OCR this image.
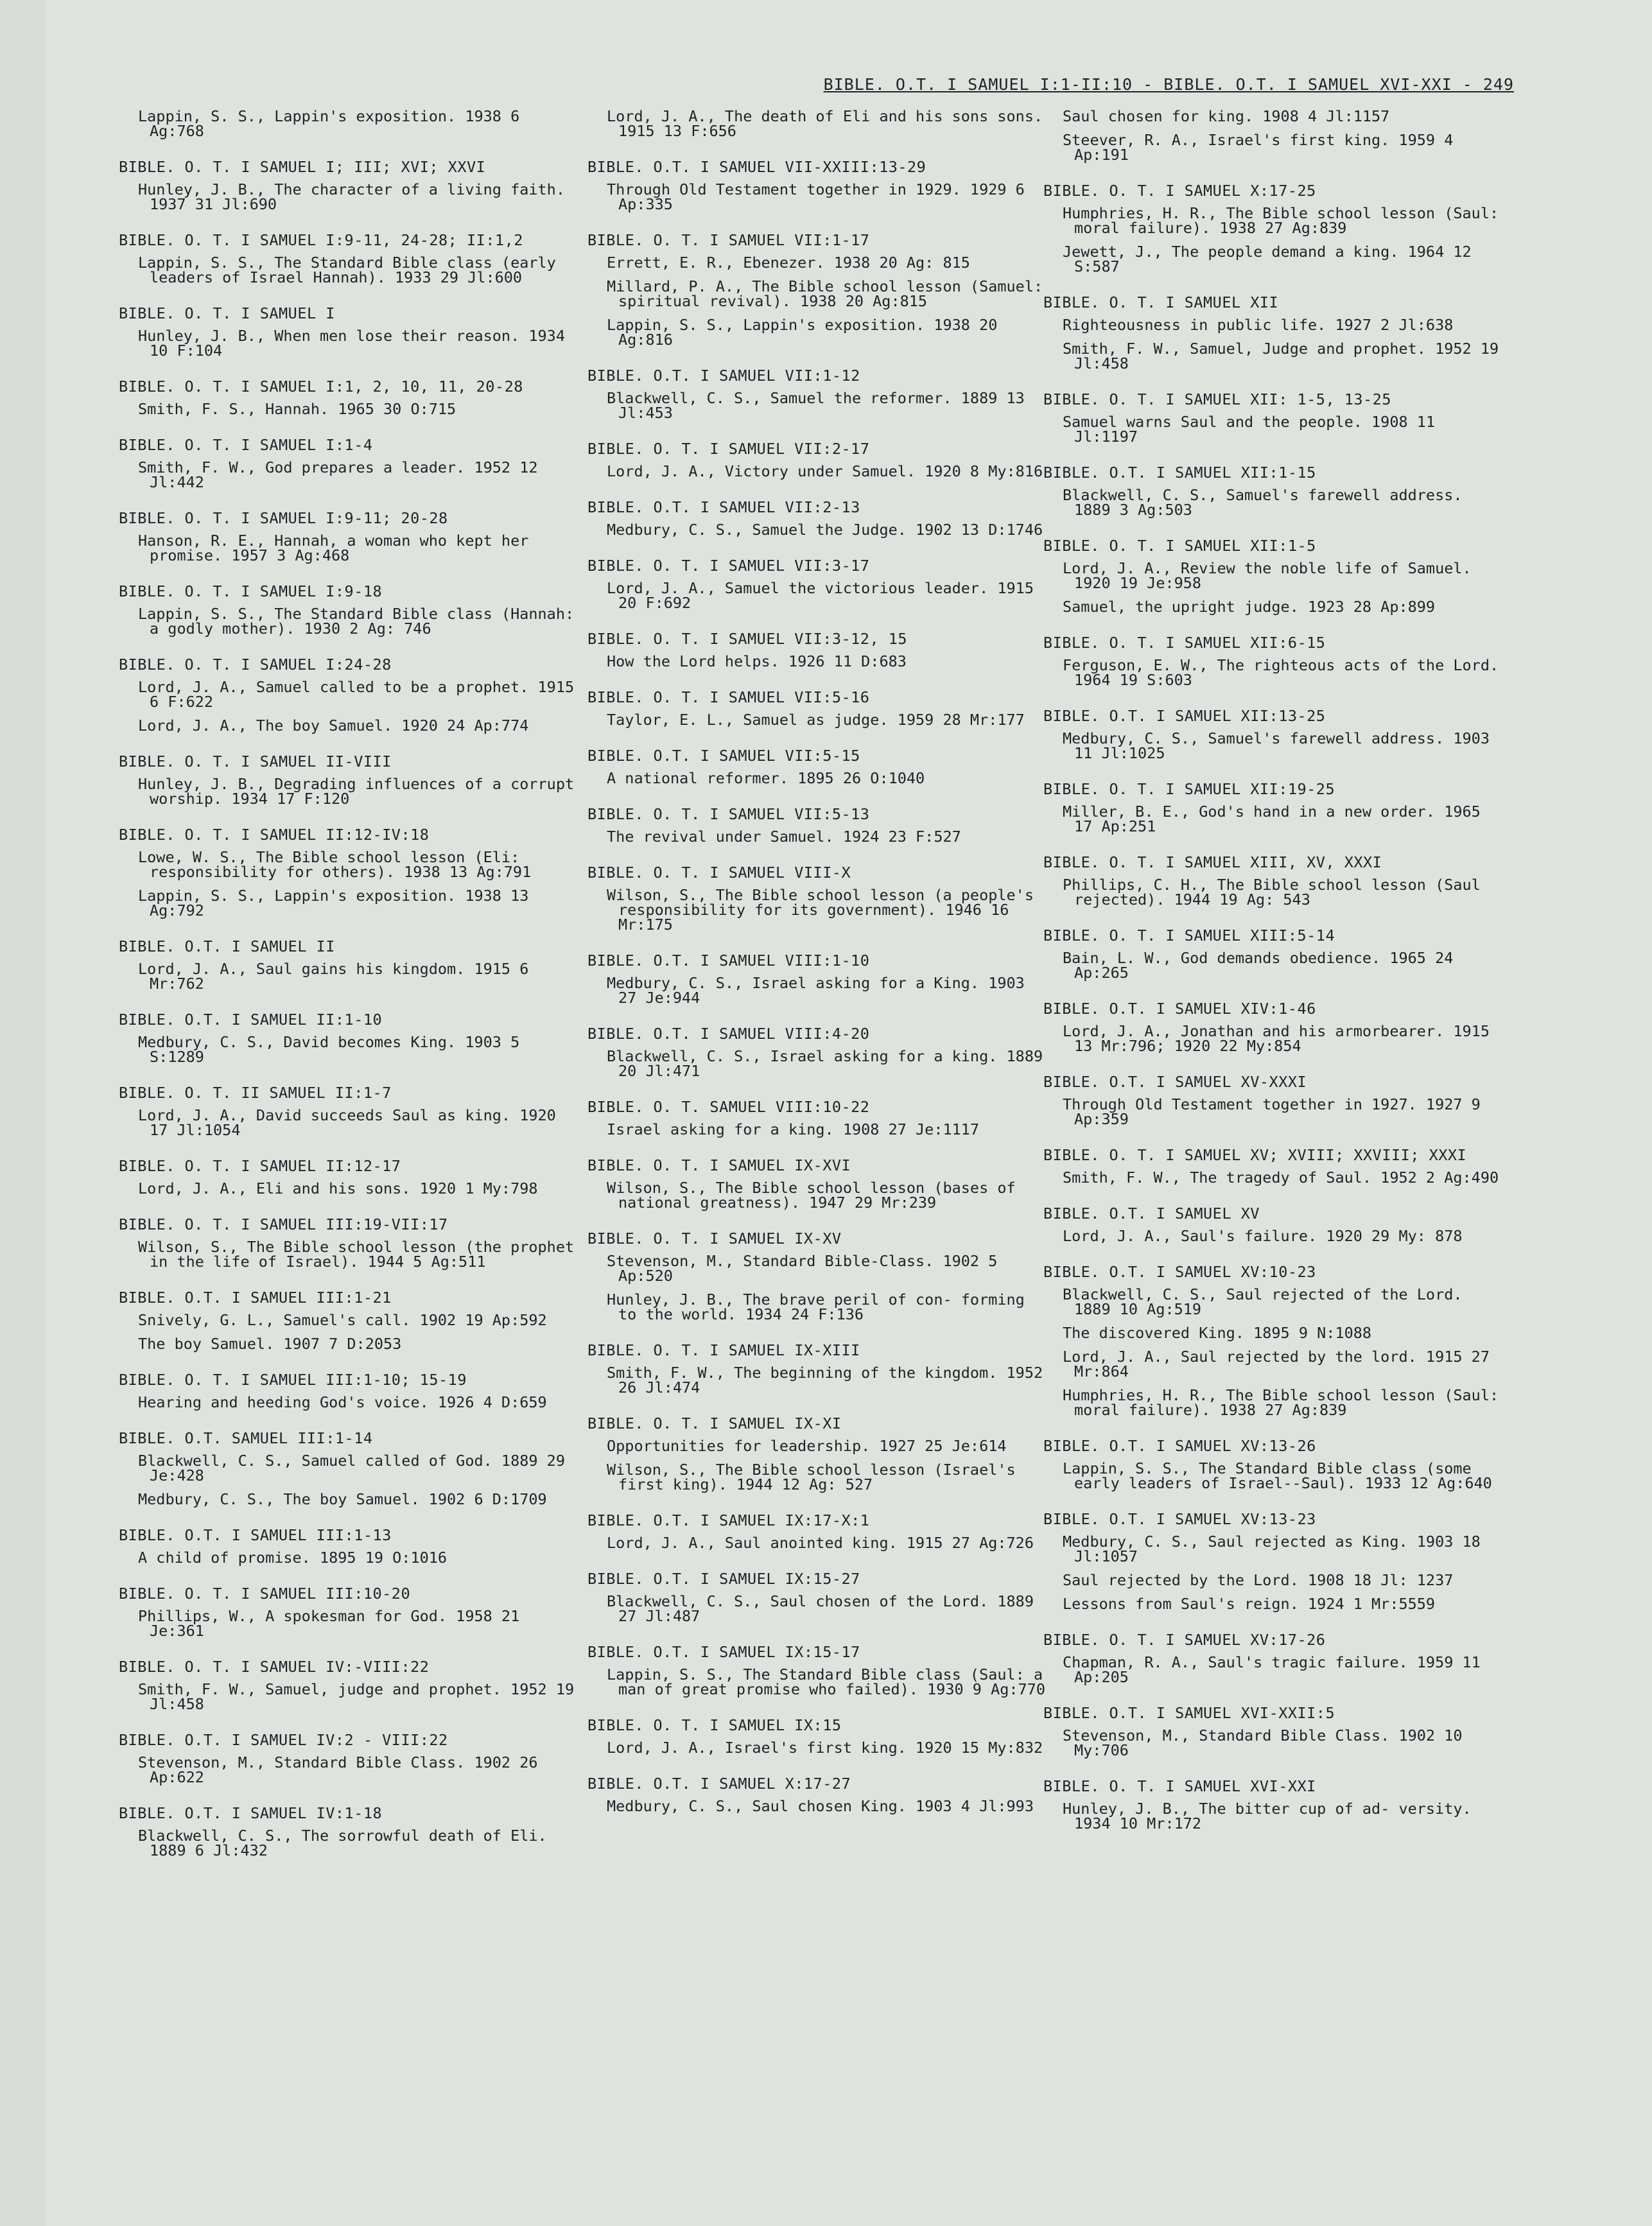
BIBLE. O.T. I SAMUEL I:1-II:10 - BIBLE. O.T. I SAMUEL XVI-XXI - 249
Lappin, S. S., Lappin's exposition. 1938 6 Ag:768
BIBLE. O. T. I SAMUEL I; III; XVI; XXVI
Hunley, J. B., The character of a living faith. 1937 31 Jl:690
BIBLE. O. T. I SAMUEL I:9-11, 24-28; II:1,2
Lappin, S. S., The Standard Bible class (early leaders of Israel Hannah). 1933 29 Jl:600
BIBLE. O. T. I SAMUEL I
Hunley, J. B., When men lose their reason. 1934 10 F:104
BIBLE. O. T. I SAMUEL I:1, 2, 10, 11, 20-28
Smith, F. S., Hannah. 1965 30 O:715
BIBLE. O. T. I SAMUEL I:1-4
Smith, F. W., God prepares a leader. 1952 12 Jl:442
BIBLE. O. T. I SAMUEL I:9-11; 20-28
Hanson, R. E., Hannah, a woman who kept her promise. 1957 3 Ag:468
BIBLE. O. T. I SAMUEL I:9-18
Lappin, S. S., The Standard Bible class (Hannah: a godly mother). 1930 2 Ag: 746
BIBLE. O. T. I SAMUEL I:24-28
Lord, J. A., Samuel called to be a prophet. 1915 6 F:622
Lord, J. A., The boy Samuel. 1920 24 Ap:774
BIBLE. O. T. I SAMUEL II-VIII
Hunley, J. B., Degrading influences of a corrupt worship. 1934 17 F:120
BIBLE. O. T. I SAMUEL II:12-IV:18
Lowe, W. S., The Bible school lesson (Eli: responsibility for others). 1938 13 Ag:791
Lappin, S. S., Lappin's exposition. 1938 13 Ag:792
BIBLE. O.T. I SAMUEL II
Lord, J. A., Saul gains his kingdom. 1915 6 Mr:762
BIBLE. O.T. I SAMUEL II:1-10
Medbury, C. S., David becomes King. 1903 5 S:1289
BIBLE. O. T. II SAMUEL II:1-7
Lord, J. A., David succeeds Saul as king. 1920 17 Jl:1054
BIBLE. O. T. I SAMUEL II:12-17
Lord, J. A., Eli and his sons. 1920 1 My:798
BIBLE. O. T. I SAMUEL III:19-VII:17
Wilson, S., The Bible school lesson (the prophet in the life of Israel). 1944 5 Ag:511
BIBLE. O.T. I SAMUEL III:1-21
Snively, G. L., Samuel's call. 1902 19 Ap:592
The boy Samuel. 1907 7 D:2053
BIBLE. O. T. I SAMUEL III:1-10; 15-19
Hearing and heeding God's voice. 1926 4 D:659
BIBLE. O.T. SAMUEL III:1-14
Blackwell, C. S., Samuel called of God. 1889 29 Je:428
Medbury, C. S., The boy Samuel. 1902 6 D:1709
BIBLE. O.T. I SAMUEL III:1-13
A child of promise. 1895 19 O:1016
BIBLE. O. T. I SAMUEL III:10-20
Phillips, W., A spokesman for God. 1958 21 Je:361
BIBLE. O. T. I SAMUEL IV:-VIII:22
Smith, F. W., Samuel, judge and prophet. 1952 19 Jl:458
BIBLE. O.T. I SAMUEL IV:2 - VIII:22
Stevenson, M., Standard Bible Class. 1902 26 Ap:622
BIBLE. O.T. I SAMUEL IV:1-18
Blackwell, C. S., The sorrowful death of Eli. 1889 6 Jl:432
Lord, J. A., The death of Eli and his sons sons. 1915 13 F:656
BIBLE. O.T. I SAMUEL VII-XXIII:13-29
Through Old Testament together in 1929. 1929 6 Ap:335
BIBLE. O. T. I SAMUEL VII:1-17
Errett, E. R., Ebenezer. 1938 20 Ag: 815
Millard, P. A., The Bible school lesson (Samuel: spiritual revival). 1938 20 Ag:815
Lappin, S. S., Lappin's exposition. 1938 20 Ag:816
BIBLE. O.T. I SAMUEL VII:1-12
Blackwell, C. S., Samuel the reformer. 1889 13 Jl:453
BIBLE. O. T. I SAMUEL VII:2-17
Lord, J. A., Victory under Samuel. 1920 8 My:816
BIBLE. O.T. I SAMUEL VII:2-13
Medbury, C. S., Samuel the Judge. 1902 13 D:1746
BIBLE. O. T. I SAMUEL VII:3-17
Lord, J. A., Samuel the victorious leader. 1915 20 F:692
BIBLE. O. T. I SAMUEL VII:3-12, 15
How the Lord helps. 1926 11 D:683
BIBLE. O. T. I SAMUEL VII:5-16
Taylor, E. L., Samuel as judge. 1959 28 Mr:177
BIBLE. O.T. I SAMUEL VII:5-15
A national reformer. 1895 26 O:1040
BIBLE. O. T. I SAMUEL VII:5-13
The revival under Samuel. 1924 23 F:527
BIBLE. O. T. I SAMUEL VIII-X
Wilson, S., The Bible school lesson (a people's responsibility for its government). 1946 16 Mr:175
BIBLE. O.T. I SAMUEL VIII:1-10
Medbury, C. S., Israel asking for a King. 1903 27 Je:944
BIBLE. O.T. I SAMUEL VIII:4-20
Blackwell, C. S., Israel asking for a king. 1889 20 Jl:471
BIBLE. O. T. SAMUEL VIII:10-22
Israel asking for a king. 1908 27 Je:1117
BIBLE. O. T. I SAMUEL IX-XVI
Wilson, S., The Bible school lesson (bases of national greatness). 1947 29 Mr:239
BIBLE. O. T. I SAMUEL IX-XV
Stevenson, M., Standard Bible-Class. 1902 5 Ap:520
Hunley, J. B., The brave peril of con- forming to the world. 1934 24 F:136
BIBLE. O. T. I SAMUEL IX-XIII
Smith, F. W., The beginning of the kingdom. 1952 26 Jl:474
BIBLE. O. T. I SAMUEL IX-XI
Opportunities for leadership. 1927 25 Je:614
Wilson, S., The Bible school lesson (Israel's first king). 1944 12 Ag: 527
BIBLE. O.T. I SAMUEL IX:17-X:1
Lord, J. A., Saul anointed king. 1915 27 Ag:726
BIBLE. O.T. I SAMUEL IX:15-27
Blackwell, C. S., Saul chosen of the Lord. 1889 27 Jl:487
BIBLE. O.T. I SAMUEL IX:15-17
Lappin, S. S., The Standard Bible class (Saul: a man of great promise who failed). 1930 9 Ag:770
BIBLE. O. T. I SAMUEL IX:15
Lord, J. A., Israel's first king. 1920 15 My:832
BIBLE. O.T. I SAMUEL X:17-27
Medbury, C. S., Saul chosen King. 1903 4 Jl:993
Saul chosen for king. 1908 4 Jl:1157
Steever, R. A., Israel's first king. 1959 4 Ap:191
BIBLE. O. T. I SAMUEL X:17-25
Humphries, H. R., The Bible school lesson (Saul: moral failure). 1938 27 Ag:839
Jewett, J., The people demand a king. 1964 12 S:587
BIBLE. O. T. I SAMUEL XII
Righteousness in public life. 1927 2 Jl:638
Smith, F. W., Samuel, Judge and prophet. 1952 19 Jl:458
BIBLE. O. T. I SAMUEL XII: 1-5, 13-25
Samuel warns Saul and the people. 1908 11 Jl:1197
BIBLE. O.T. I SAMUEL XII:1-15
Blackwell, C. S., Samuel's farewell address. 1889 3 Ag:503
BIBLE. O. T. I SAMUEL XII:1-5
Lord, J. A., Review the noble life of Samuel. 1920 19 Je:958
Samuel, the upright judge. 1923 28 Ap:899
BIBLE. O. T. I SAMUEL XII:6-15
Ferguson, E. W., The righteous acts of the Lord. 1964 19 S:603
BIBLE. O.T. I SAMUEL XII:13-25
Medbury, C. S., Samuel's farewell address. 1903 11 Jl:1025
BIBLE. O. T. I SAMUEL XII:19-25
Miller, B. E., God's hand in a new order. 1965 17 Ap:251
BIBLE. O. T. I SAMUEL XIII, XV, XXXI
Phillips, C. H., The Bible school lesson (Saul rejected). 1944 19 Ag: 543
BIBLE. O. T. I SAMUEL XIII:5-14
Bain, L. W., God demands obedience. 1965 24 Ap:265
BIBLE. O.T. I SAMUEL XIV:1-46
Lord, J. A., Jonathan and his armorbearer. 1915 13 Mr:796; 1920 22 My:854
BIBLE. O.T. I SAMUEL XV-XXXI
Through Old Testament together in 1927. 1927 9 Ap:359
BIBLE. O. T. I SAMUEL XV; XVIII; XXVIII; XXXI
Smith, F. W., The tragedy of Saul. 1952 2 Ag:490
BIBLE. O.T. I SAMUEL XV
Lord, J. A., Saul's failure. 1920 29 My: 878
BIBLE. O.T. I SAMUEL XV:10-23
Blackwell, C. S., Saul rejected of the Lord. 1889 10 Ag:519
The discovered King. 1895 9 N:1088
Lord, J. A., Saul rejected by the lord. 1915 27 Mr:864
Humphries, H. R., The Bible school lesson (Saul: moral failure). 1938 27 Ag:839
BIBLE. O.T. I SAMUEL XV:13-26
Lappin, S. S., The Standard Bible class (some early leaders of Israel--Saul). 1933 12 Ag:640
BIBLE. O.T. I SAMUEL XV:13-23
Medbury, C. S., Saul rejected as King. 1903 18 Jl:1057
Saul rejected by the Lord. 1908 18 Jl: 1237
Lessons from Saul's reign. 1924 1 Mr:5559
BIBLE. O. T. I SAMUEL XV:17-26
Chapman, R. A., Saul's tragic failure. 1959 11 Ap:205
BIBLE. O.T. I SAMUEL XVI-XXII:5
Stevenson, M., Standard Bible Class. 1902 10 My:706
BIBLE. O. T. I SAMUEL XVI-XXI
Hunley, J. B., The bitter cup of ad- versity. 1934 10 Mr:172
